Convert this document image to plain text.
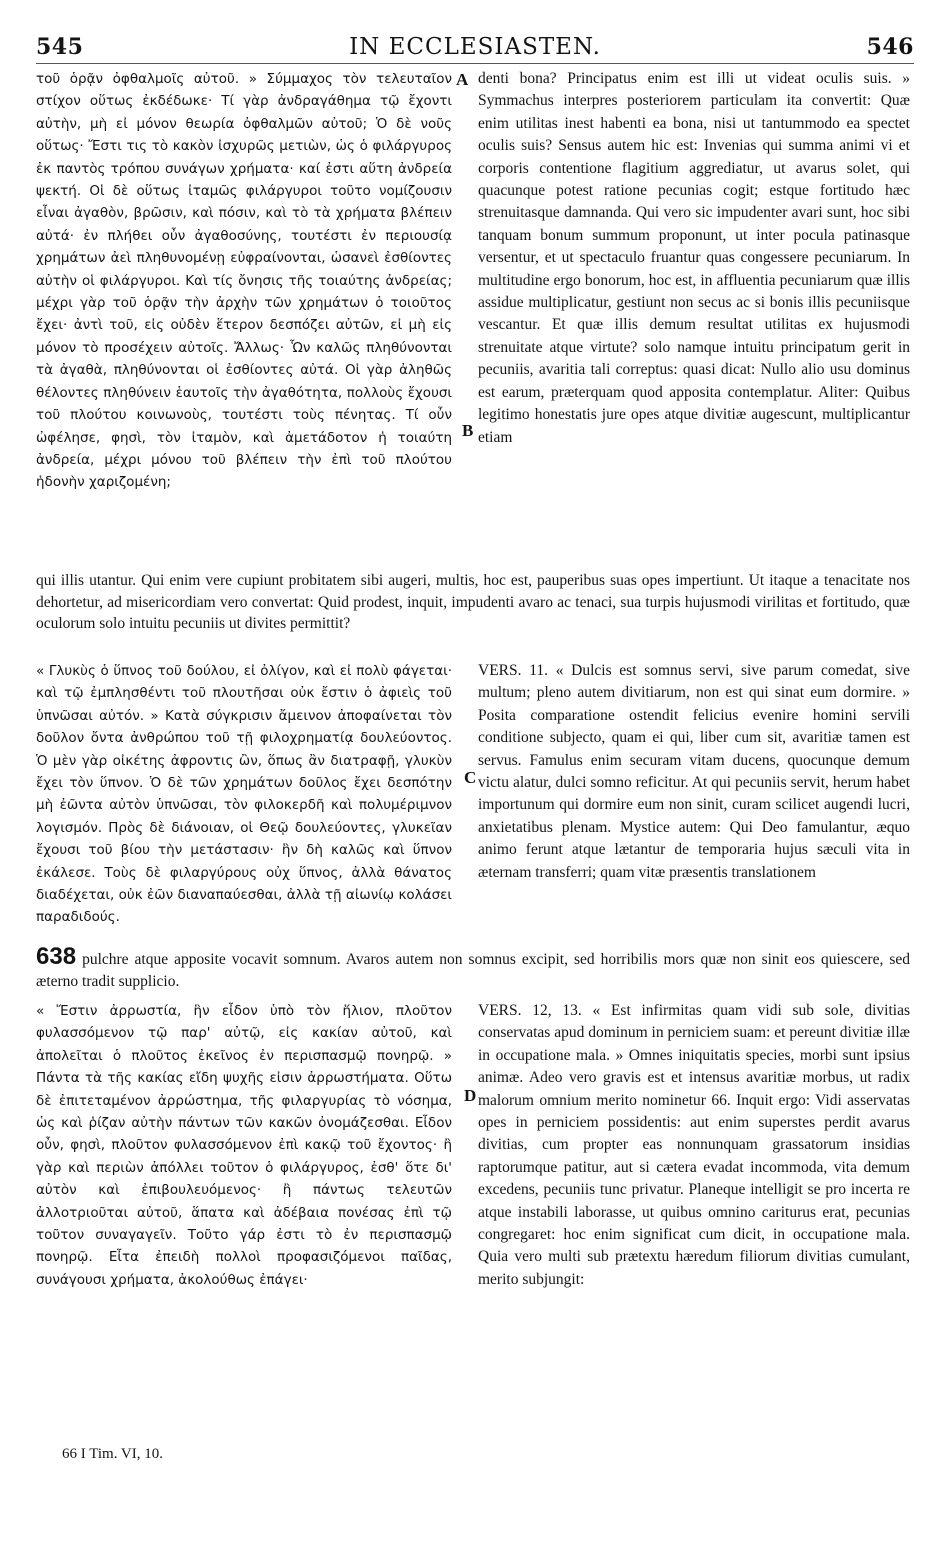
545	IN ECCLESIASTEN.	546

τοῦ ὁρᾷν ὀφθαλμοῖς αὐτοῦ. » Σύμμαχος τὸν τελευταῖον στίχον οὕτως ἐκδέδωκε· Τί γὰρ ἀνδραγάθημα τῷ ἔχοντι αὐτὴν, μὴ εἰ μόνον θεωρία ὀφθαλμῶν αὐτοῦ; Ὁ δὲ νοῦς οὕτως· Ἔστι τις τὸ κακὸν ἰσχυρῶς μετιὼν, ὡς ὁ φιλάργυρος ἐκ παντὸς τρόπου συνάγων χρήματα· καί ἐστι αὕτη ἀνδρεία ψεκτή. Οἱ δὲ οὕτως ἰταμῶς φιλάργυροι τοῦτο νομίζουσιν εἶναι ἀγαθὸν, βρῶσιν, καὶ πόσιν, καὶ τὸ τὰ χρήματα βλέπειν αὐτά· ἐν πλήθει οὖν ἀγαθοσύνης, τουτέστι ἐν περιουσίᾳ χρημάτων ἀεὶ πληθυνομένῃ εὐφραίνονται, ὡσανεὶ ἐσθίοντες αὐτὴν οἱ φιλάργυροι. Καὶ τίς ὄνησις τῆς τοιαύτης ἀνδρείας; μέχρι γὰρ τοῦ ὁρᾷν τὴν ἀρχὴν τῶν χρημάτων ὁ τοιοῦτος ἔχει· ἀντὶ τοῦ, εἰς οὐδὲν ἕτερον δεσπόζει αὐτῶν, εἰ μὴ εἰς μόνον τὸ προσέχειν αὐτοῖς. Ἄλλως· Ὧν καλῶς πληθύνονται τὰ ἀγαθὰ, πληθύνονται οἱ ἐσθίοντες αὐτά. Οἱ γὰρ ἀληθῶς θέλοντες πληθύνειν ἑαυτοῖς τὴν ἀγαθότητα, πολλοὺς ἔχουσι τοῦ πλούτου κοινωνοὺς, τουτέστι τοὺς πένητας. Τί οὖν ὠφέλησε, φησὶ, τὸν ἰταμὸν, καὶ ἀμετάδοτον ἡ τοιαύτη ἀνδρεία, μέχρι μόνου τοῦ βλέπειν τὴν ἐπὶ τοῦ πλούτου ἡδονὴν χαριζομένη;

A denti bona? Principatus enim est illi ut videat oculis suis. » Symmachus interpres posteriorem particulam ita convertit: Quæ enim utilitas inest habenti ea bona, nisi ut tantummodo ea spectet oculis suis? Sensus autem hic est: Invenias qui summa animi vi et corporis contentione flagitium aggrediatur, ut avarus solet, qui quacunque potest ratione pecunias cogit; estque fortitudo hæc strenuitasque damnanda. Qui vero sic impudenter avari sunt, hoc sibi tanquam bonum summum proponunt, ut inter pocula patinasque versentur, et ut spectaculo fruantur quas congessere pecuniarum. In multitudine ergo bonorum, hoc est, in affluentia pecuniarum quæ illis assidue multiplicatur, gestiunt non secus ac si bonis illis pecuniisque vescantur. Et quæ illis demum resultat utilitas ex hujusmodi strenuitate atque virtute? solo namque intuitu principatum gerit in pecuniis, avaritia tali correptus: quasi dicat: Nullo alio usu dominus est earum, præterquam quod apposita contemplatur. Aliter: Quibus legitimo honestatis jure opes atque divitiæ augescunt, multiplicantur etiam

B

qui illis utantur. Qui enim vere cupiunt probitatem sibi augeri, multis, hoc est, pauperibus suas opes impertiunt. Ut itaque a tenacitate nos dehortetur, ad misericordiam vero convertat: Quid prodest, inquit, impudenti avaro ac tenaci, sua turpis hujusmodi virilitas et fortitudo, quæ oculorum solo intuitu pecuniis ut divites permittit?

« Γλυκὺς ὁ ὕπνος τοῦ δούλου, εἰ ὀλίγον, καὶ εἰ πολὺ φάγεται· καὶ τῷ ἐμπλησθέντι τοῦ πλουτῆσαι οὐκ ἔστιν ὁ ἀφιεὶς τοῦ ὑπνῶσαι αὐτόν. » Κατὰ σύγκρισιν ἄμεινον ἀποφαίνεται τὸν δοῦλον ὄντα ἀνθρώπου τοῦ τῇ φιλοχρηματίᾳ δουλεύοντος. Ὁ μὲν γὰρ οἰκέτης ἀφροντις ὢν, ὅπως ἂν διατραφῇ, γλυκὺν ἔχει τὸν ὕπνον. Ὁ δὲ τῶν χρημάτων δοῦλος ἔχει δεσπότην μὴ ἐῶντα αὐτὸν ὑπνῶσαι, τὸν φιλοκερδῆ καὶ πολυμέριμνον λογισμόν. Πρὸς δὲ διάνοιαν, οἱ Θεῷ δουλεύοντες, γλυκεῖαν ἔχουσι τοῦ βίου τὴν μετάστασιν· ἣν δὴ καλῶς καὶ ὕπνον ἐκάλεσε. Τοὺς δὲ φιλαργύρους οὐχ ὕπνος, ἀλλὰ θάνατος διαδέχεται, οὐκ ἐῶν διαναπαύεσθαι, ἀλλὰ τῇ αἰωνίῳ κολάσει παραδιδούς.

C

VERS. 11. « Dulcis est somnus servi, sive parum comedat, sive multum; pleno autem divitiarum, non est qui sinat eum dormire. » Posita comparatione ostendit felicius evenire homini servili conditione subjecto, quam ei qui, liber cum sit, avaritiæ tamen est servus. Famulus enim securam vitam ducens, quocunque demum victu alatur, dulci somno reficitur. At qui pecuniis servit, herum habet importunum qui dormire eum non sinit, curam scilicet augendi lucri, anxietatibus plenam. Mystice autem: Qui Deo famulantur, æquo animo ferunt atque lætantur de temporaria hujus sæculi vita in æternam transferri; quam vitæ præsentis translationem

638 pulchre atque apposite vocavit somnum. Avaros autem non somnus excipit, sed horribilis mors quæ non sinit eos quiescere, sed æterno tradit supplicio.

« Ἔστιν ἀρρωστία, ἣν εἶδον ὑπὸ τὸν ἥλιον, πλοῦτον φυλασσόμενον τῷ παρ' αὐτῷ, εἰς κακίαν αὐτοῦ, καὶ ἀπολεῖται ὁ πλοῦτος ἐκεῖνος ἐν περισπασμῷ πονηρῷ. » Πάντα τὰ τῆς κακίας εἴδη ψυχῆς εἰσιν ἀρρωστήματα. Οὕτω δὲ ἐπιτεταμένον ἀρρώστημα, τῆς φιλαργυρίας τὸ νόσημα, ὡς καὶ ῥίζαν αὐτὴν πάντων τῶν κακῶν ὀνομάζεσθαι. Εἶδον οὖν, φησὶ, πλοῦτον φυλασσόμενον ἐπὶ κακῷ τοῦ ἔχοντος· ἢ γὰρ καὶ περιὼν ἀπόλλει τοῦτον ὁ φιλάργυρος, ἐσθ' ὅτε δι' αὐτὸν καὶ ἐπιβουλευόμενος· ἢ πάντως τελευτῶν ἀλλοτριοῦται αὐτοῦ, ἅπατα καὶ ἀδέβαια πονέσας ἐπὶ τῷ τοῦτον συναγαγεῖν. Τοῦτο γάρ ἐστι τὸ ἐν περισπασμῷ πονηρῷ. Εἶτα ἐπειδὴ πολλοὶ προφασιζόμενοι παῖδας, συνάγουσι χρήματα, ἀκολούθως ἐπάγει·

D

VERS. 12, 13. « Est infirmitas quam vidi sub sole, divitias conservatas apud dominum in perniciem suam: et pereunt divitiæ illæ in occupatione mala. » Omnes iniquitatis species, morbi sunt ipsius animæ. Adeo vero gravis est et intensus avaritiæ morbus, ut radix malorum omnium merito nominetur 66. Inquit ergo: Vidi asservatas opes in perniciem possidentis: aut enim superstes perdit avarus divitias, cum propter eas nonnunquam grassatorum insidias raptorumque patitur, aut si cætera evadat incommoda, vita demum excedens, pecuniis tunc privatur. Planeque intelligit se pro incerta re atque instabili laborasse, ut quibus omnino cariturus erat, pecunias congregaret: hoc enim significat cum dicit, in occupatione mala. Quia vero multi sub prætextu hæredum filiorum divitias cumulant, merito subjungit:

66 I Tim. VI, 10.
